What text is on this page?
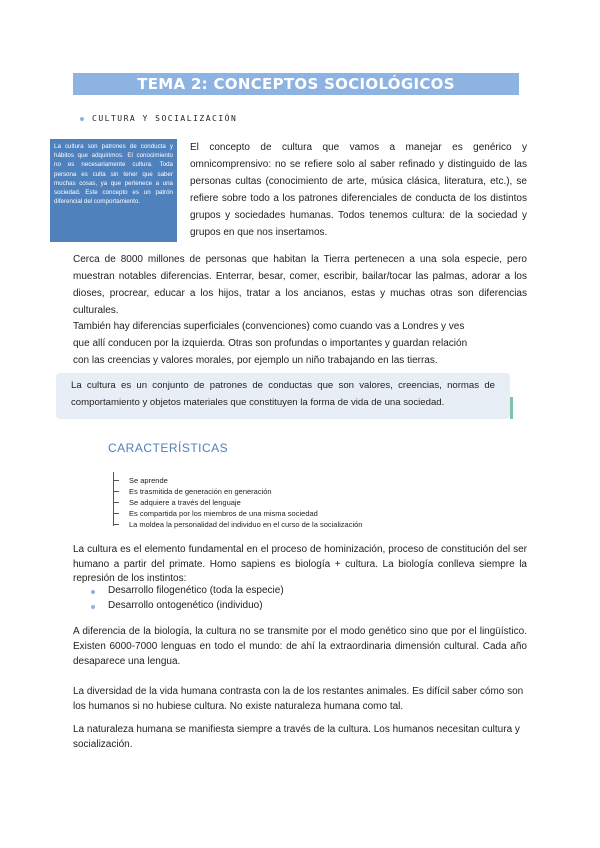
TEMA 2: CONCEPTOS SOCIOLÓGICOS FUNDAMENTALES
CULTURA Y SOCIALIZACIÓN
La cultura son patrones de conducta y hábitos que adquirimos. El conocimiento no es necesariamente cultura. Toda persona es culta sin tener que saber muchas cosas, ya que pertenece a una sociedad. Este concepto es un patrón diferencial del comportamiento.
El concepto de cultura que vamos a manejar es genérico y omnicomprensivo: no se refiere solo al saber refinado y distinguido de las personas cultas (conocimiento de arte, música clásica, literatura, etc.), se refiere sobre todo a los patrones diferenciales de conducta de los distintos grupos y sociedades humanas. Todos tenemos cultura: de la sociedad y grupos en que nos insertamos.
Cerca de 8000 millones de personas que habitan la Tierra pertenecen a una sola especie, pero muestran notables diferencias. Enterrar, besar, comer, escribir, bailar/tocar las palmas, adorar a los dioses, procrear, educar a los hijos, tratar a los ancianos, estas y muchas otras son diferencias culturales.
También hay diferencias superficiales (convenciones) como cuando vas a Londres y ves
que allí conducen por la izquierda. Otras son profundas o importantes y guardan relación
con las creencias y valores morales, por ejemplo un niño trabajando en las tierras.
La cultura es un conjunto de patrones de conductas que son valores, creencias, normas de comportamiento y objetos materiales que constituyen la forma de vida de una sociedad.
CARACTERÍSTICAS
Se aprende
Es trasmitida de generación en generación
Se adquiere a través del lenguaje
Es compartida por los miembros de una misma sociedad
La moldea la personalidad del individuo en el curso de la socialización
La cultura es el elemento fundamental en el proceso de hominización, proceso de constitución del ser humano a partir del primate. Homo sapiens es biología + cultura. La biología conlleva siempre la represión de los instintos:
Desarrollo filogenético (toda la especie)
Desarrollo ontogenético (individuo)
A diferencia de la biología, la cultura no se transmite por el modo genético sino que por el lingüístico. Existen 6000-7000 lenguas en todo el mundo: de ahí la extraordinaria dimensión cultural. Cada año desaparece una lengua.
La diversidad de la vida humana contrasta con la de los restantes animales. Es difícil saber cómo son los humanos si no hubiese cultura. No existe naturaleza humana como tal.
La naturaleza humana se manifiesta siempre a través de la cultura. Los humanos necesitan cultura y socialización.
